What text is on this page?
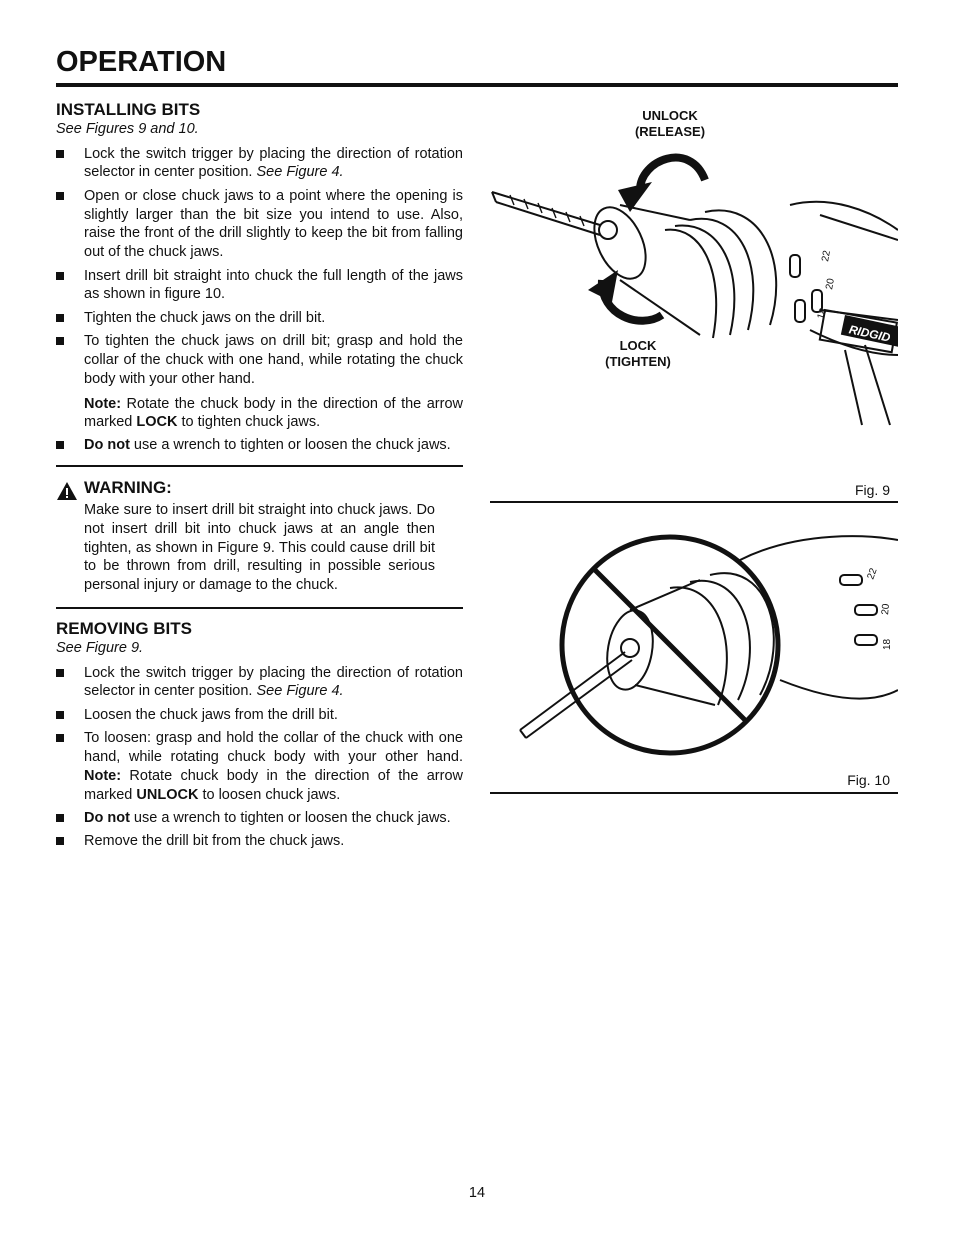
OPERATION
INSTALLING BITS
See Figures 9 and 10.
Lock the switch trigger by placing the direction of rotation selector in center position. See Figure 4.
Open or close chuck jaws to a point where the opening is slightly larger than the bit size you intend to use. Also, raise the front of the drill slightly to keep the bit from falling out of the chuck jaws.
Insert drill bit straight into chuck the full length of the jaws as shown in figure 10.
Tighten the chuck jaws on the drill bit.
To tighten the chuck jaws on drill bit; grasp and hold the collar of the chuck with one hand, while rotating the chuck body with your other hand.
Note: Rotate the chuck body in the direction of the arrow marked LOCK to tighten chuck jaws.
Do not use a wrench to tighten or loosen the chuck jaws.
WARNING:
Make sure to insert drill bit straight into chuck jaws. Do not insert drill bit into chuck jaws at an angle then tighten, as shown in Figure 9. This could cause drill bit to be thrown from drill, resulting in possible serious personal injury or damage to the chuck.
REMOVING BITS
See Figure 9.
Lock the switch trigger by placing the direction of rotation selector in center position. See Figure 4.
Loosen the chuck jaws from the drill bit.
To loosen: grasp and hold the collar of the chuck with one hand, while rotating chuck body with your other hand. Note: Rotate chuck body in the direction of the arrow marked UNLOCK to loosen chuck jaws.
Do not use a wrench to tighten or loosen the chuck jaws.
Remove the drill bit from the chuck jaws.
UNLOCK
(RELEASE)
LOCK
(TIGHTEN)
RIDGID
22
20
18
Fig. 9
22
20
18
Fig. 10
14
